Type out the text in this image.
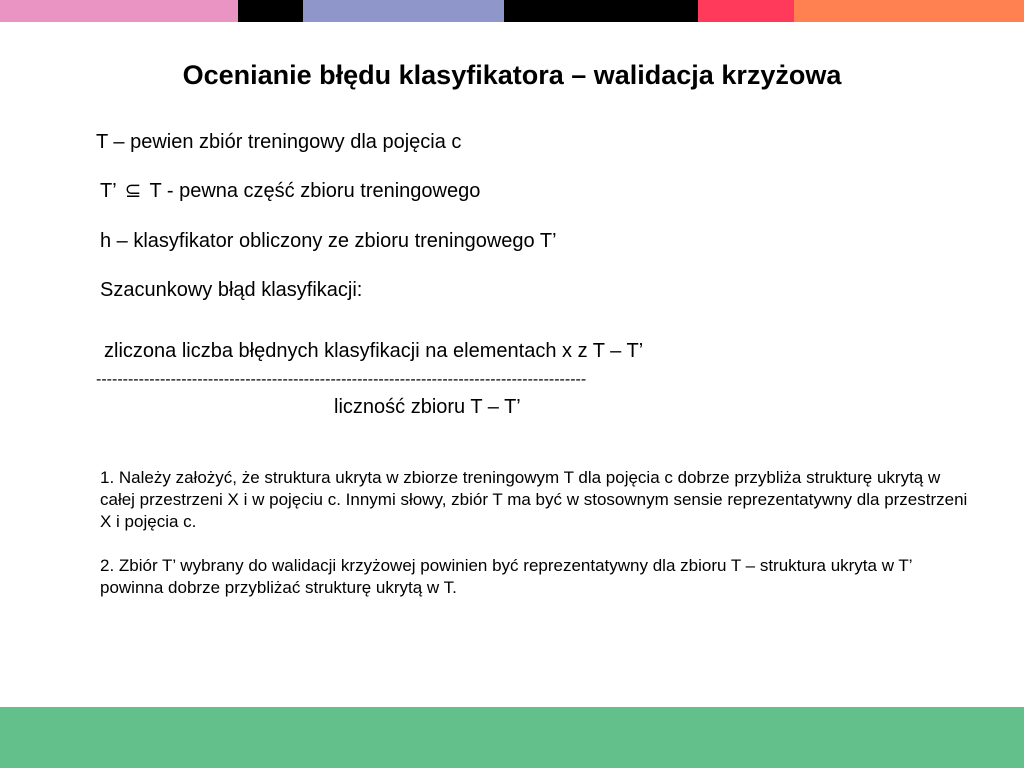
Ocenianie błędu klasyfikatora – walidacja krzyżowa
T – pewien zbiór treningowy dla pojęcia c
T’ ⊆ T - pewna część zbioru treningowego
h – klasyfikator obliczony ze zbioru treningowego T’
Szacunkowy błąd klasyfikacji:
zliczona liczba błędnych klasyfikacji na elementach x z T – T’
--------------------------------------------------------------------------------------------
liczność zbioru T – T’
1. Należy założyć, że struktura ukryta w zbiorze treningowym T dla pojęcia c dobrze przybliża strukturę ukrytą w całej przestrzeni X i w pojęciu c. Innymi słowy, zbiór T ma być w stosownym sensie reprezentatywny dla przestrzeni X i pojęcia c.
2. Zbiór T’ wybrany do walidacji krzyżowej powinien być reprezentatywny dla zbioru T – struktura ukryta w T’ powinna dobrze przybliżać strukturę ukrytą w T.
